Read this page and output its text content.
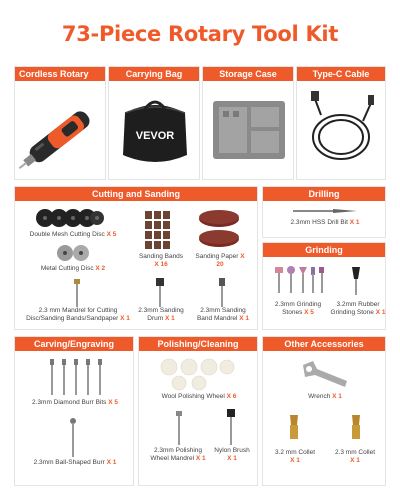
73-Piece Rotary Tool Kit
Cordless Rotary Tool
Carrying Bag
VEVOR
Storage Case	Type-C Cable
Cutting and Sanding
Double Mesh Cutting Disc X 5
Metal Cutting Disc X 2
Sanding Bands
X 16
Sanding Paper X 20
2.3 mm Mandrel for Cutting
Disc/Sanding Bands/Sandpaper X 1
2.3mm Sanding
Drum X 1
2.3mm Sanding
Band Mandrel X 1
Drilling
2.3mm HSS Drill Bit X 1
Grinding
2.3mm Grinding
Stones X 5
3.2mm Rubber
Grinding Stone X 1
Carving/Engraving
2.3mm Diamond Burr Bits X 5
2.3mm Ball-Shaped Burr X 1
Polishing/Cleaning
Wool Polishing Wheel X 6
2.3mm Polishing
Wheel Mandrel X 1
Nylon Brush
X 1
Other Accessories
Wrench X 1
3.2 mm Collet
X 1
2.3 mm Collet
X 1
